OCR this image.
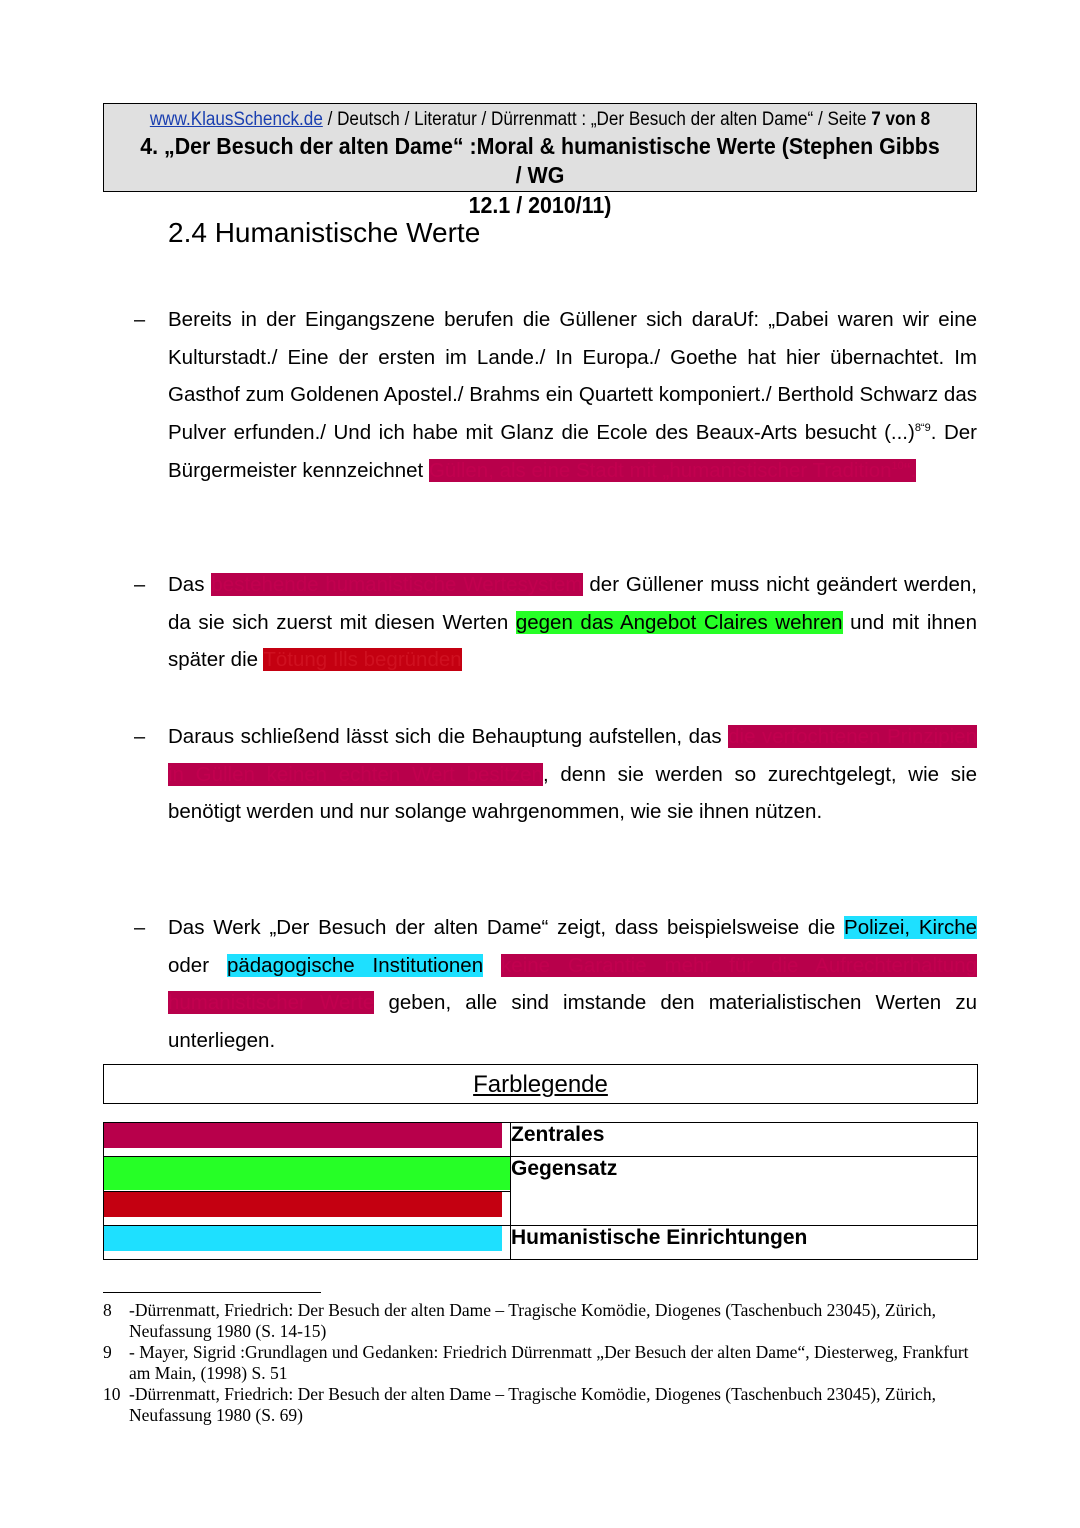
www.KlausSchenck.de / Deutsch / Literatur / Dürrenmatt : „Der Besuch der alten Dame“ / Seite 7 von 8
4. „Der Besuch der alten Dame“ :Moral & humanistische Werte (Stephen Gibbs / WG
12.1 / 2010/11)
2.4 Humanistische Werte
– Bereits in der Eingangszene berufen die Güllener sich daraUf: „Dabei waren wir eine Kulturstadt./ Eine der ersten im Lande./ In Europa./ Goethe hat hier übernachtet. Im Gasthof zum Goldenen Apostel./ Brahms ein Quartett komponiert./ Berthold Schwarz das Pulver erfunden./ Und ich habe mit Glanz die Ecole des Beaux-Arts besucht (...)$^{8“9}$. Der Bürgermeister kennzeichnet Güllen, als eine Stadt mit „humanistischer Tradition$^{10}$“.
– Das bestehende humanistische Wertesystem der Güllener muss nicht geändert werden, da sie sich zuerst mit diesen Werten gegen das Angebot Claires wehren und mit ihnen später die Tötung Ills begründen
– Daraus schließend lässt sich die Behauptung aufstellen, das die verfochtenen Prinzipien in Güllen keinen echten Wert besitzen, denn sie werden so zurechtgelegt, wie sie benötigt werden und nur solange wahrgenommen, wie sie ihnen nützen.
– Das Werk „Der Besuch der alten Dame“ zeigt, dass beispielsweise die Polizei, Kirche oder pädagogische Institutionen keine Garantie mehr für die Aufrechterhaltung humanistischer Werte geben, alle sind imstande den materialistischen Werten zu unterliegen.
Farblegende
	Zentrales

	Gegensatz

	Humanistische Einrichtungen
8 -Dürrenmatt, Friedrich: Der Besuch der alten Dame – Tragische Komödie, Diogenes (Taschenbuch 23045), Zürich, Neufassung 1980 (S. 14-15)
9 - Mayer, Sigrid :Grundlagen und Gedanken: Friedrich Dürrenmatt „Der Besuch der alten Dame“, Diesterweg, Frankfurt am Main, (1998) S. 51
10 -Dürrenmatt, Friedrich: Der Besuch der alten Dame – Tragische Komödie, Diogenes (Taschenbuch 23045), Zürich, Neufassung 1980 (S. 69)
